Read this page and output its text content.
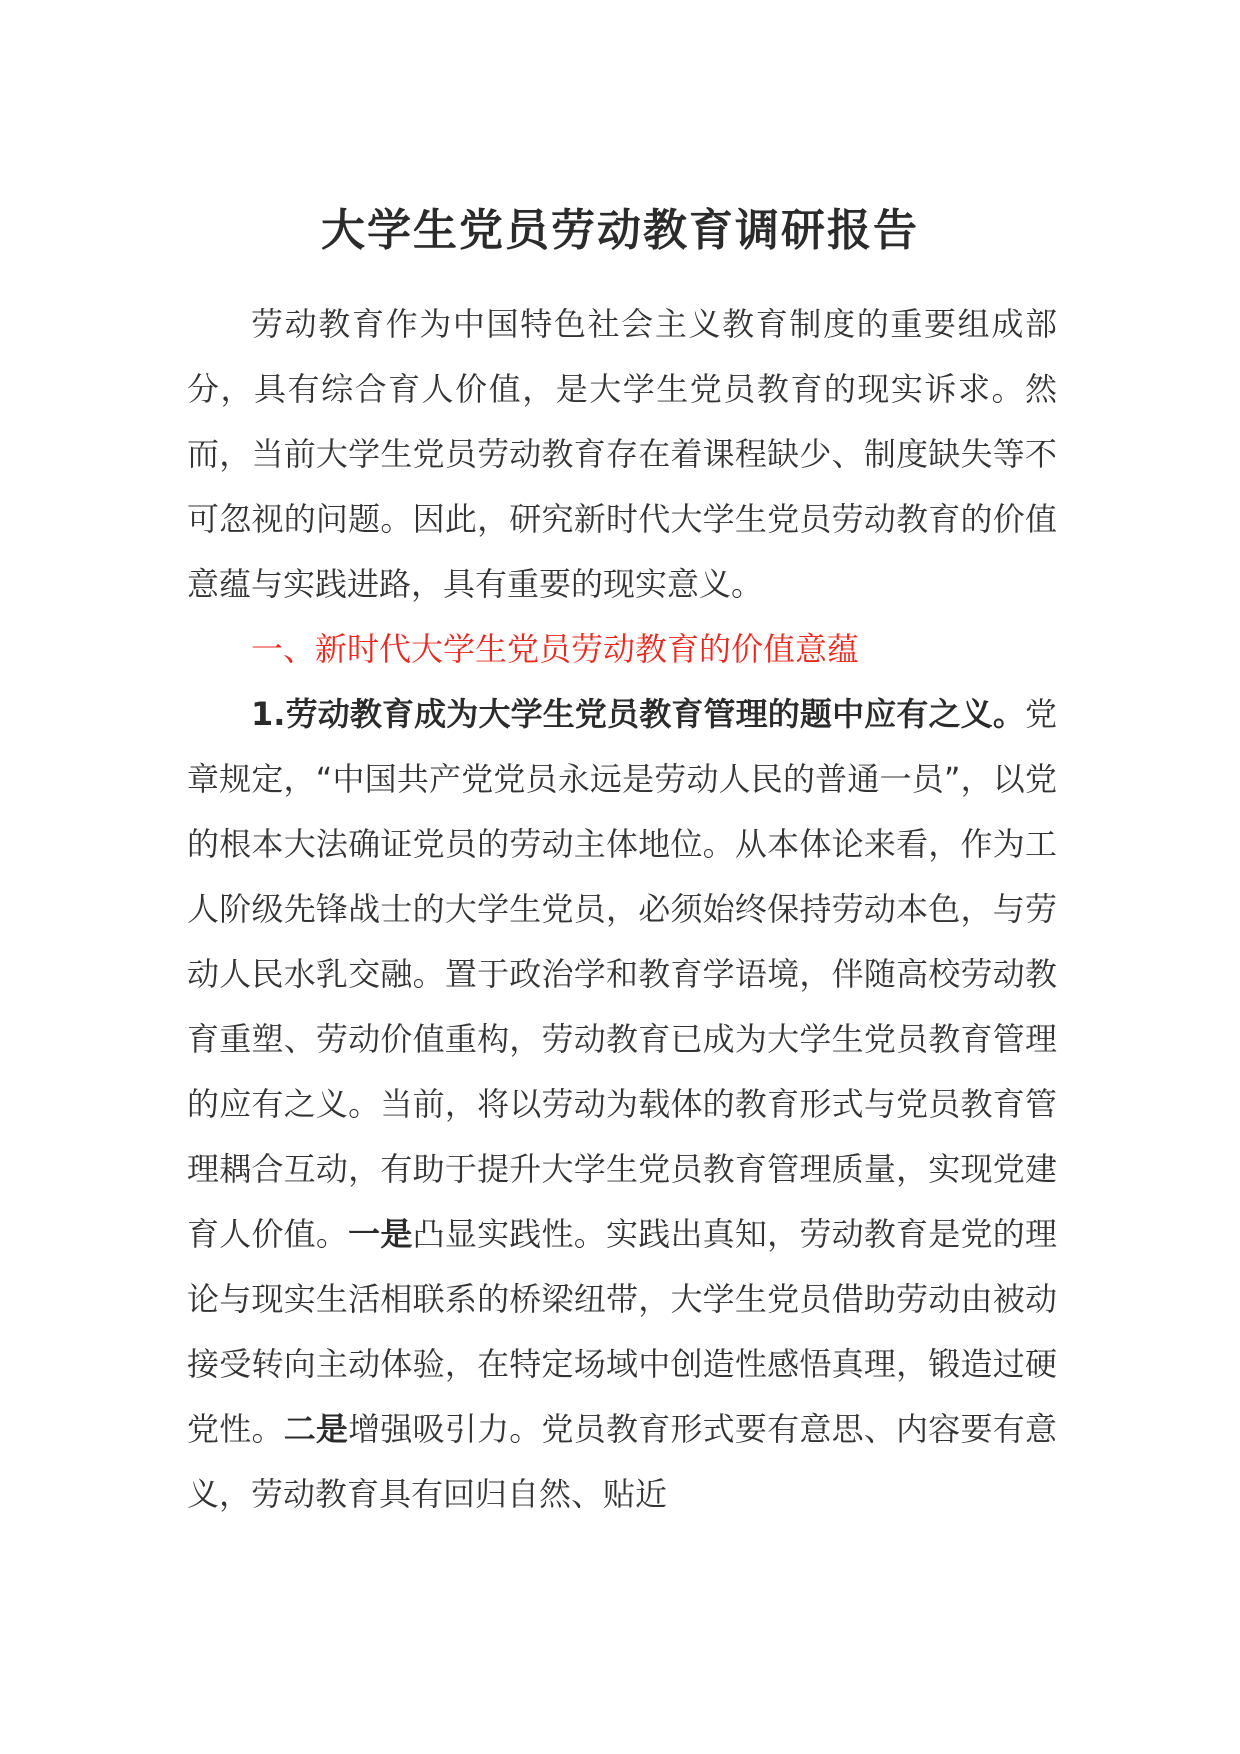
大学生党员劳动教育调研报告

劳动教育作为中国特色社会主义教育制度的重要组成部分，具有综合育人价值，是大学生党员教育的现实诉求。然而，当前大学生党员劳动教育存在着课程缺少、制度缺失等不可忽视的问题。因此，研究新时代大学生党员劳动教育的价值意蕴与实践进路，具有重要的现实意义。

一、新时代大学生党员劳动教育的价值意蕴

1.劳动教育成为大学生党员教育管理的题中应有之义。党章规定，“中国共产党党员永远是劳动人民的普通一员”，以党的根本大法确证党员的劳动主体地位。从本体论来看，作为工人阶级先锋战士的大学生党员，必须始终保持劳动本色，与劳动人民水乳交融。置于政治学和教育学语境，伴随高校劳动教育重塑、劳动价值重构，劳动教育已成为大学生党员教育管理的应有之义。当前，将以劳动为载体的教育形式与党员教育管理耦合互动，有助于提升大学生党员教育管理质量，实现党建育人价值。一是凸显实践性。实践出真知，劳动教育是党的理论与现实生活相联系的桥梁纽带，大学生党员借助劳动由被动接受转向主动体验，在特定场域中创造性感悟真理，锻造过硬党性。二是增强吸引力。党员教育形式要有意思、内容要有意义，劳动教育具有回归自然、贴近
